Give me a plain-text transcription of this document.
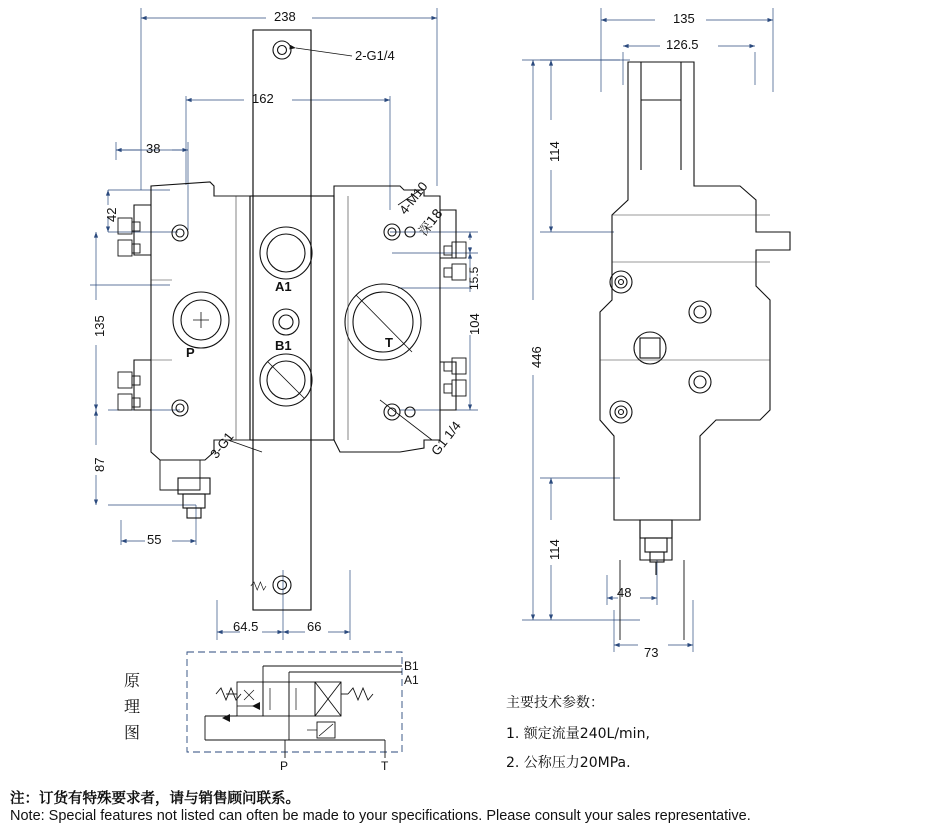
238
162
38
42
135
87
55
64.5	66
15.5
104
2-G1/4
4-M10
深18
3-G1	G1 1/4
A1
B1
P
T
135
126.5
114
446
114
48
73
原
理
图
B1
A1
P	T
主要技术参数：
1. 额定流量240L/min,
2. 公称压力20MPa.
注：订货有特殊要求者，请与销售顾问联系。
Note: Special features not listed can often be made to your specifications. Please consult your sales representative.
